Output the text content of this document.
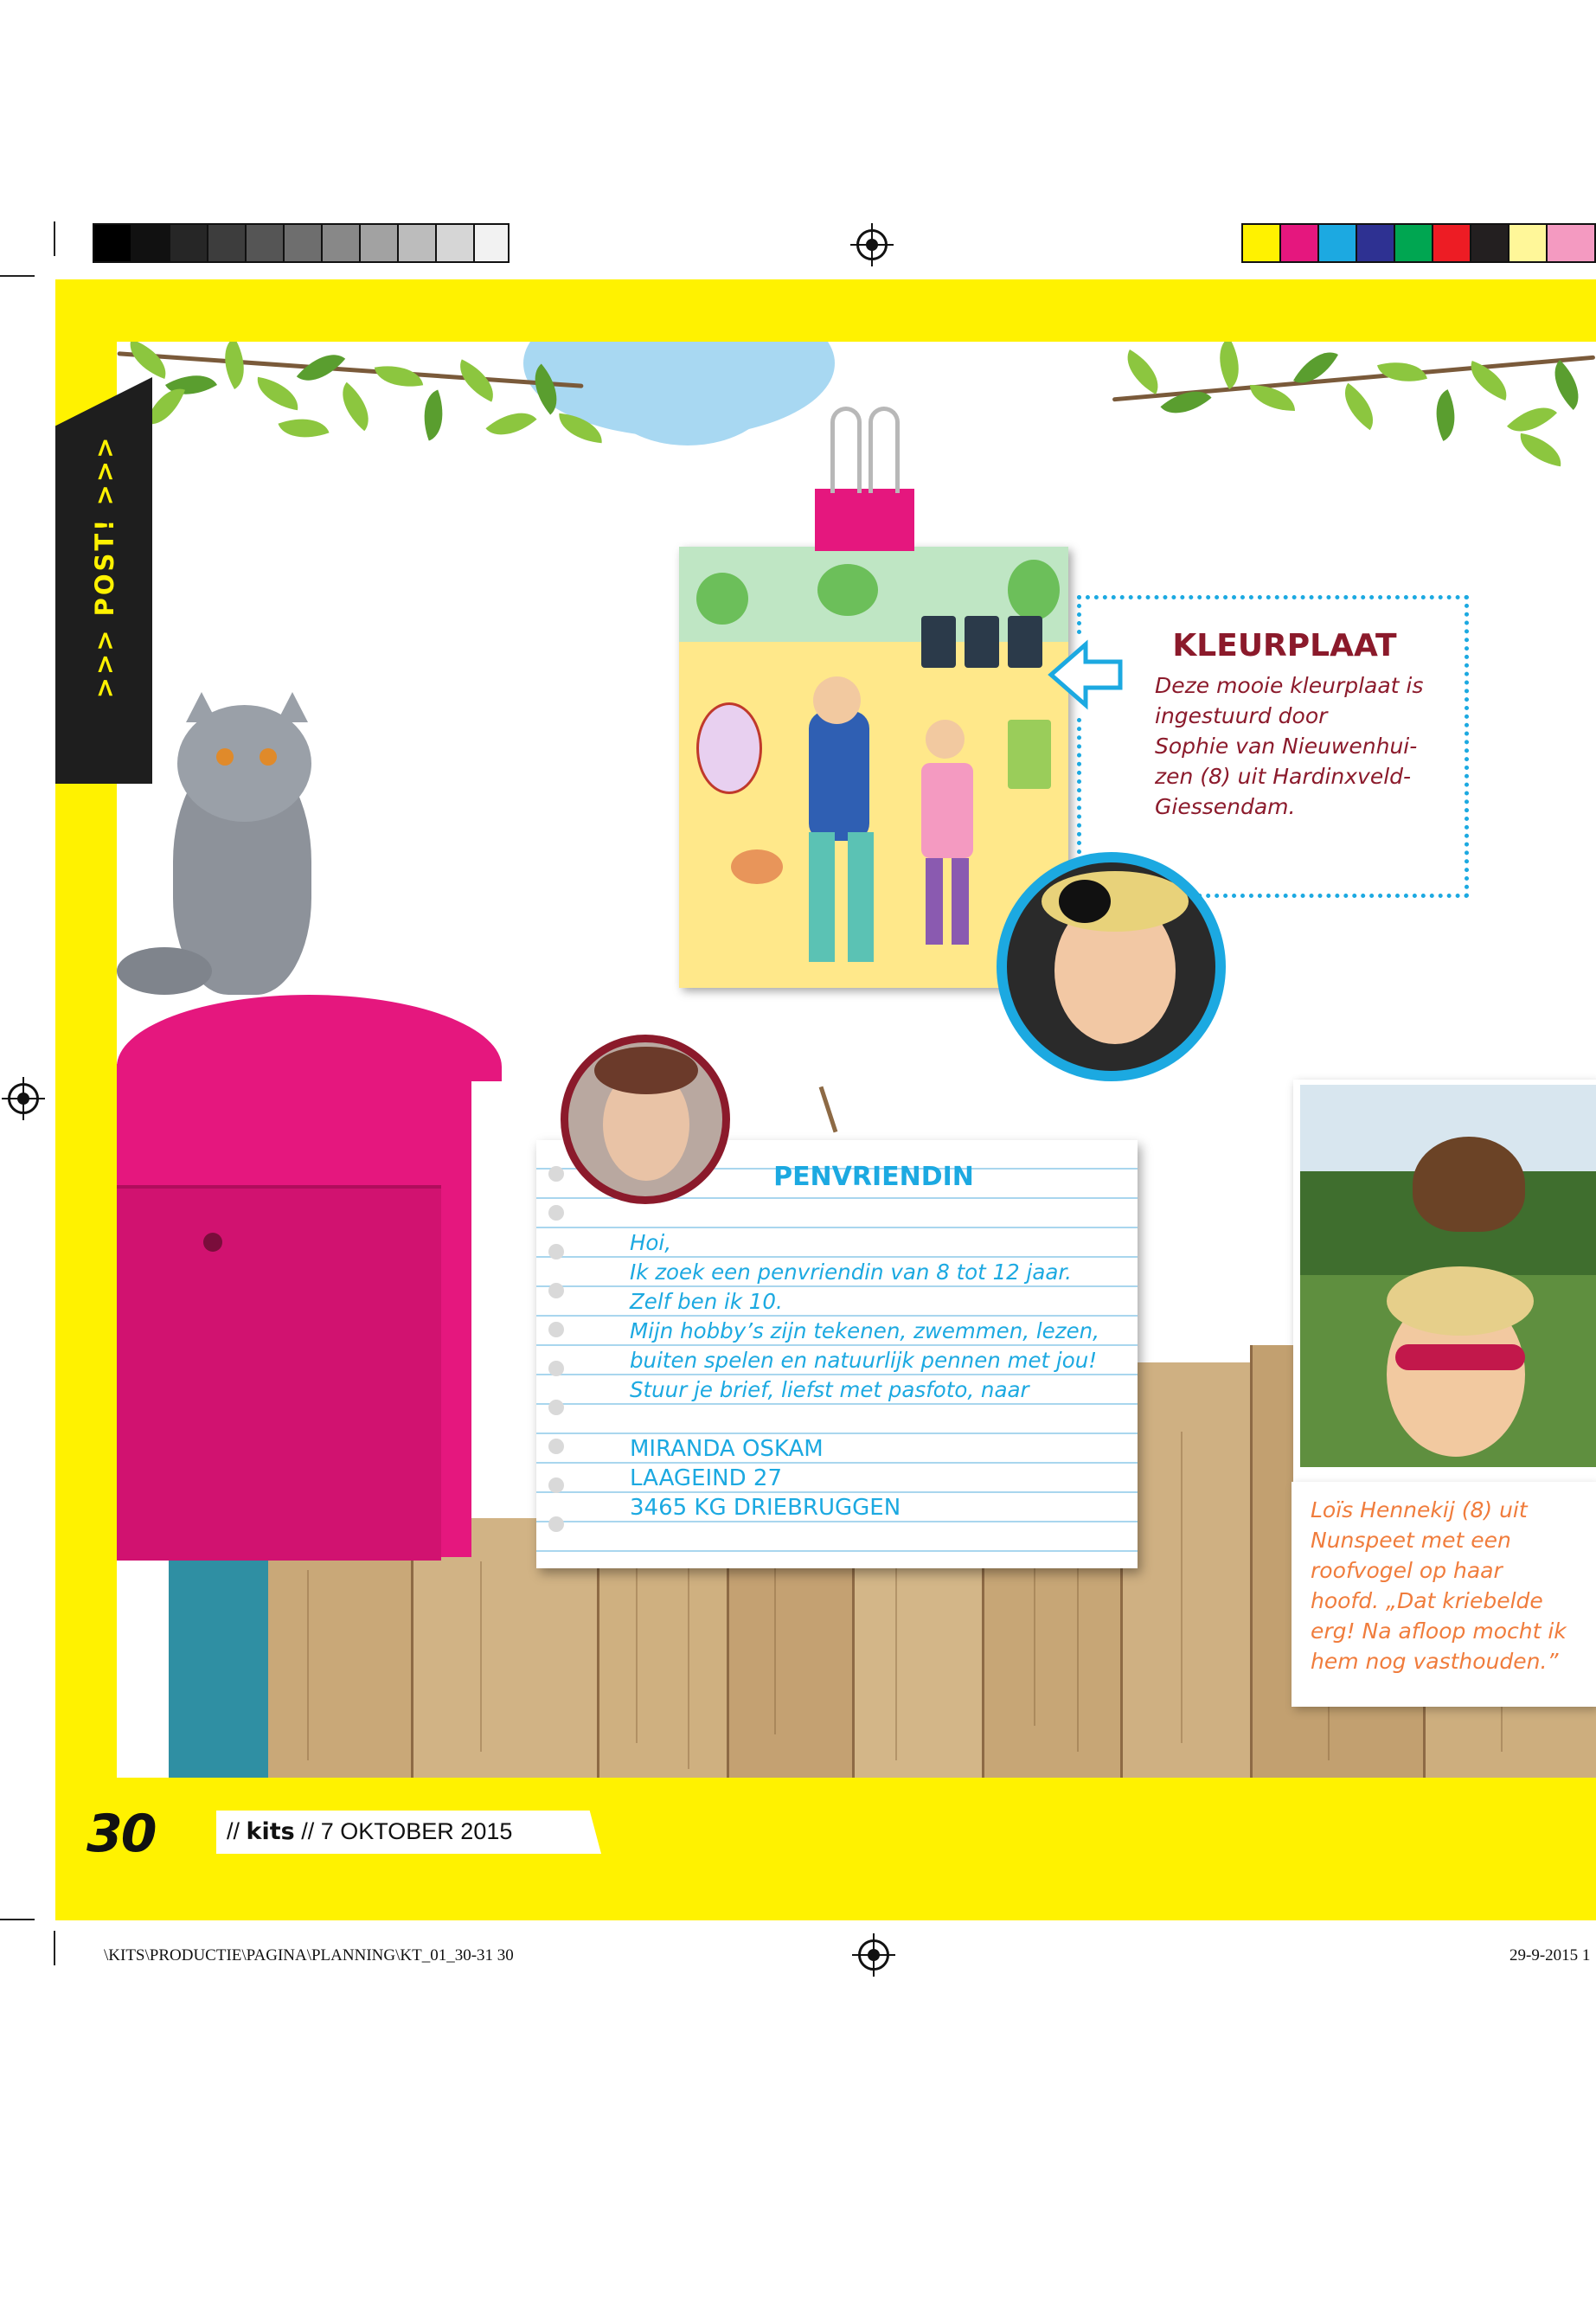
>>> POST! >>>	KLEURPLAAT
Deze mooie kleurplaat is
ingestuurd door
Sophie van Nieuwenhui-
zen (8) uit Hardinxveld-
Giessendam.
PENVRIENDIN
Hoi,
Ik zoek een penvriendin van 8 tot 12 jaar.
Zelf ben ik 10.
Mijn hobby’s zijn tekenen, zwemmen, lezen,
buiten spelen en natuurlijk pennen met jou!
Stuur je brief, liefst met pasfoto, naar
MIRANDA OSKAM
LAAGEIND 27
3465 KG DRIEBRUGGEN	Loïs Hennekij (8) uit
Nunspeet met een
roofvogel op haar
hoofd. „Dat kriebelde
erg! Na afloop mocht ik
hem nog vasthouden.”
30	// kits // 7 OKTOBER 2015
\KITS\PRODUCTIE\PAGINA\PLANNING\KT_01_30-31 30	29-9-2015 1
